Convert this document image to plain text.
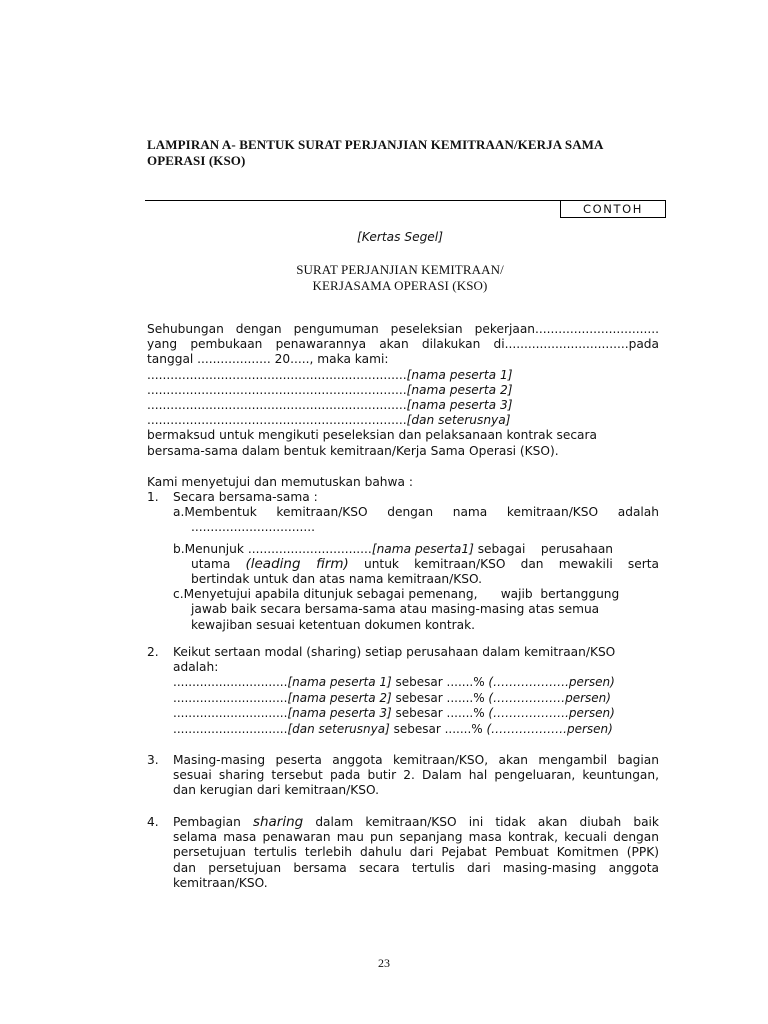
LAMPIRAN A- BENTUK SURAT PERJANJIAN KEMITRAAN/KERJA SAMA
OPERASI (KSO)
CONTOH
[Kertas Segel]
SURAT PERJANJIAN KEMITRAAN/
KERJASAMA OPERASI (KSO)
Sehubungan dengan pengumuman peseleksian pekerjaan................................
yang pembukaan penawarannya akan dilakukan di................................pada
tanggal ................... 20....., maka kami:
...................................................................[nama peserta 1]
...................................................................[nama peserta 2]
...................................................................[nama peserta 3]
...................................................................[dan seterusnya]
bermaksud untuk mengikuti peseleksian dan pelaksanaan kontrak secara
bersama-sama dalam bentuk kemitraan/Kerja Sama Operasi (KSO).
Kami menyetujui dan memutuskan bahwa :
1. Secara bersama-sama :
a.Membentuk kemitraan/KSO dengan nama kemitraan/KSO adalah
................................
b.Menunjuk ................................[nama peserta1] sebagai    perusahaan
utama (leading firm) untuk kemitraan/KSO dan mewakili serta
bertindak untuk dan atas nama kemitraan/KSO.
c.Menyetujui apabila ditunjuk sebagai pemenang,      wajib  bertanggung
jawab baik secara bersama-sama atau masing-masing atas semua
kewajiban sesuai ketentuan dokumen kontrak.
2. Keikut sertaan modal (sharing) setiap perusahaan dalam kemitraan/KSO
adalah:
..............................[nama peserta 1] sebesar .......% (……………….persen)
..............................[nama peserta 2] sebesar .......% (………………persen)
..............................[nama peserta 3] sebesar .......% (……………….persen)
..............................[dan seterusnya] sebesar .......% (……………….persen)
3. Masing-masing peserta anggota kemitraan/KSO, akan mengambil bagian
sesuai sharing tersebut pada butir 2. Dalam hal pengeluaran, keuntungan,
dan kerugian dari kemitraan/KSO.
4. Pembagian sharing dalam kemitraan/KSO ini tidak akan diubah baik
selama masa penawaran mau pun sepanjang masa kontrak, kecuali dengan
persetujuan tertulis terlebih dahulu dari Pejabat Pembuat Komitmen (PPK)
dan persetujuan bersama secara tertulis dari masing-masing anggota
kemitraan/KSO.
23
